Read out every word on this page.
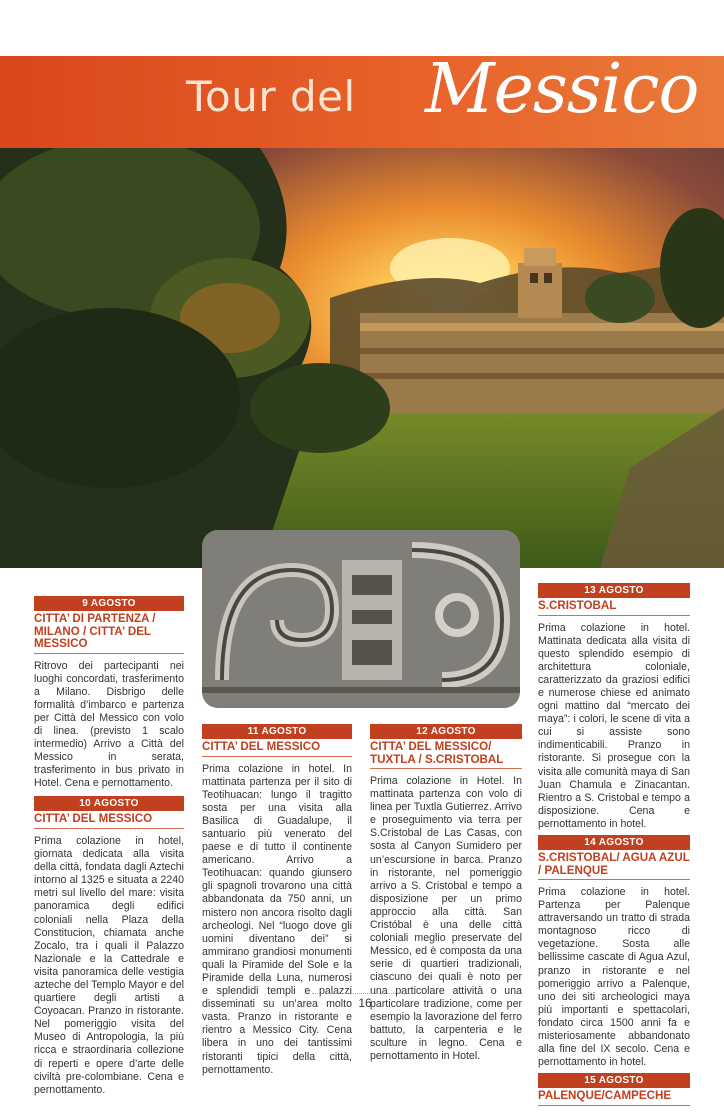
Tour del Messico
9 AGOSTO
CITTA’ DI PARTENZA / MILANO / CITTA’ DEL MESSICO
Ritrovo dei partecipanti nei luoghi concordati, trasferimento a Milano. Disbrigo delle formalità d’imbarco e partenza per Città del Messico con volo di linea. (previsto 1 scalo intermedio) Arrivo a Città del Messico in serata, trasferimento in bus privato in Hotel. Cena e pernottamento.
10 AGOSTO
CITTA’ DEL MESSICO
Prima colazione in hotel, giornata dedicata alla visita della città, fondata dagli Aztechi intorno al 1325 e situata a 2240 metri sul livello del mare: visita panoramica degli edifici coloniali nella Plaza della Constitucion, chiamata anche Zocalo, tra i quali il Palazzo Nazionale e la Cattedrale e visita panoramica delle vestigia azteche del Templo Mayor e del quartiere degli artisti a Coyoacan. Pranzo in ristorante. Nel pomeriggio visita del Museo di Antropologia, la più ricca e straordinaria collezione di reperti e opere d’arte delle civiltà pre-colombiane. Cena e pernottamento.
11 AGOSTO
CITTA’ DEL MESSICO
Prima colazione in hotel. In mattinata partenza per il sito di Teotihuacan: lungo il tragitto sosta per una visita alla Basilica di Guadalupe, il santuario più venerato del paese e di tutto il continente americano. Arrivo a Teotihuacan: quando giunsero gli spagnoli trovarono una città abbandonata da 750 anni, un mistero non ancora risolto dagli archeologi. Nel “luogo dove gli uomini diventano dei” si ammirano grandiosi monumenti quali la Piramide del Sole e la Piramide della Luna, numerosi e splendidi templi e palazzi disseminati su un’area molto vasta. Pranzo in ristorante e rientro a Messico City. Cena libera in uno dei tantissimi ristoranti tipici della città, pernottamento.
12 AGOSTO
CITTA’ DEL MESSICO/ TUXTLA / S.CRISTOBAL
Prima colazione in Hotel. In mattinata partenza con volo di linea per Tuxtla Gutierrez. Arrivo e proseguimento via terra per S.Cristobal de Las Casas, con sosta al Canyon Sumidero per un’escursione in barca. Pranzo in ristorante, nel pomeriggio arrivo a S. Cristobal e tempo a disposizione per un primo approccio alla città. San Cristóbal è una delle città coloniali meglio preservate del Messico, ed è composta da una serie di quartieri tradizionali, ciascuno dei quali è noto per una particolare attività o una particolare tradizione, come per esempio la lavorazione del ferro battuto, la carpenteria e le sculture in legno. Cena e pernottamento in Hotel.
13 AGOSTO
S.CRISTOBAL
Prima colazione in hotel. Mattinata dedicata alla visita di questo splendido esempio di architettura coloniale, caratterizzato da graziosi edifici e numerose chiese ed animato ogni mattino dal “mercato dei maya”: i colori, le scene di vita a cui si assiste sono indimenticabili. Pranzo in ristorante. Si prosegue con la visita alle comunità maya di San Juan Chamula e Zinacantan. Rientro a S. Cristobal e tempo a disposizione. Cena e pernottamento in hotel.
14 AGOSTO
S.CRISTOBAL/ AGUA AZUL / PALENQUE
Prima colazione in hotel. Partenza per Palenque attraversando un tratto di strada montagnoso ricco di vegetazione. Sosta alle bellissime cascate di Agua Azul, pranzo in ristorante e nel pomeriggio arrivo a Palenque, uno dei siti archeologici maya più importanti e spettacolari, fondato circa 1500 anni fa e misteriosamente abbandonato alla fine del IX secolo. Cena e pernottamento in hotel.
15 AGOSTO
PALENQUE/CAMPECHE
16
